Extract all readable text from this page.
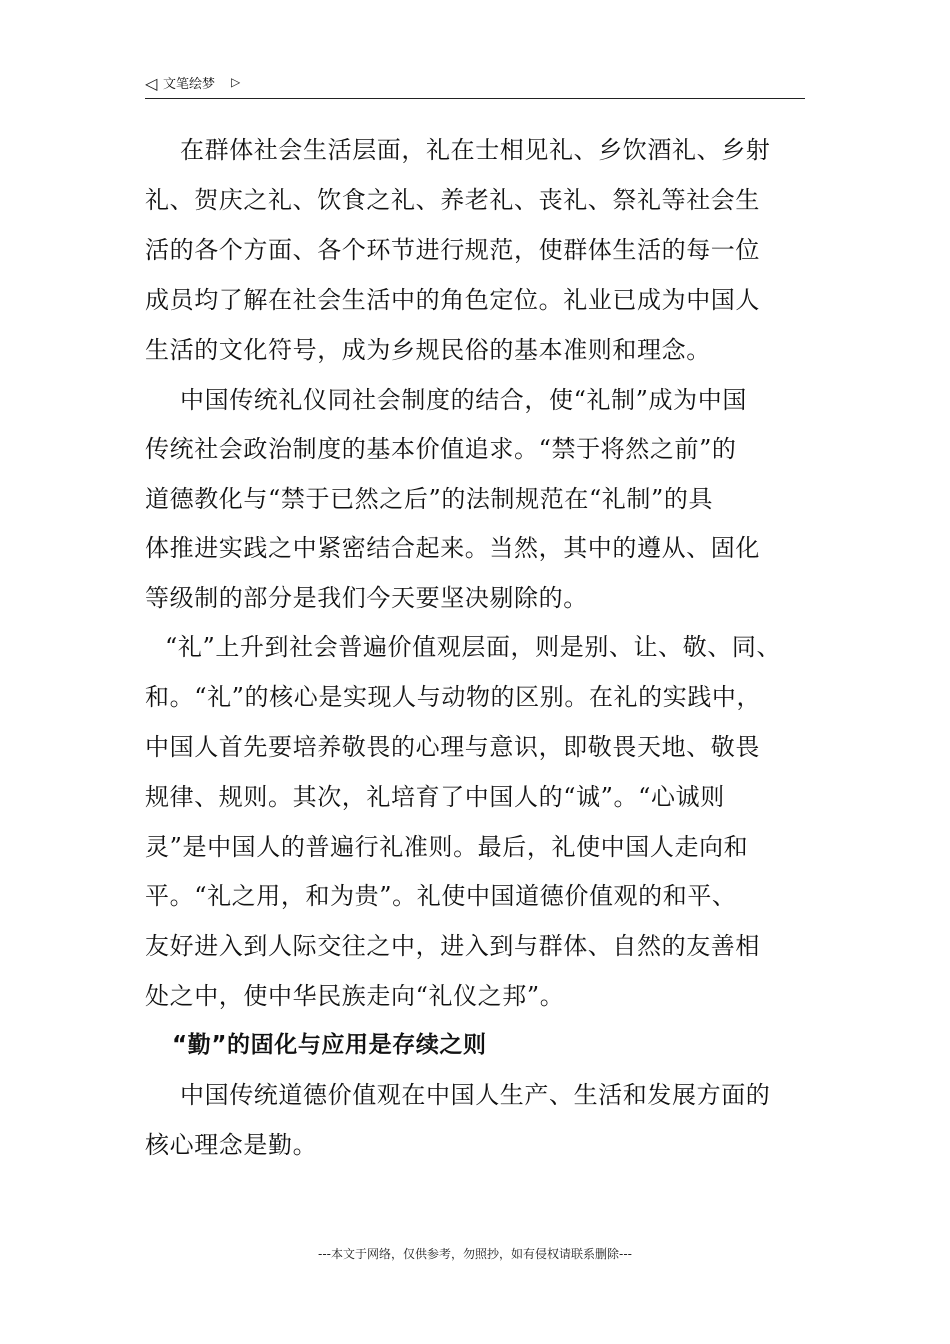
◁ 文笔绘梦 ▷
在群体社会生活层面，礼在士相见礼、乡饮酒礼、乡射
礼、贺庆之礼、饮食之礼、养老礼、丧礼、祭礼等社会生
活的各个方面、各个环节进行规范，使群体生活的每一位
成员均了解在社会生活中的角色定位。礼业已成为中国人
生活的文化符号，成为乡规民俗的基本准则和理念。
中国传统礼仪同社会制度的结合，使“礼制”成为中国
传统社会政治制度的基本价值追求。“禁于将然之前”的
道德教化与“禁于已然之后”的法制规范在“礼制”的具
体推进实践之中紧密结合起来。当然，其中的遵从、固化
等级制的部分是我们今天要坚决剔除的。
“礼”上升到社会普遍价值观层面，则是别、让、敬、同、
和。“礼”的核心是实现人与动物的区别。在礼的实践中，
中国人首先要培养敬畏的心理与意识，即敬畏天地、敬畏
规律、规则。其次，礼培育了中国人的“诚”。“心诚则
灵”是中国人的普遍行礼准则。最后，礼使中国人走向和
平。“礼之用，和为贵”。礼使中国道德价值观的和平、
友好进入到人际交往之中，进入到与群体、自然的友善相
处之中，使中华民族走向“礼仪之邦”。
“勤”的固化与应用是存续之则
中国传统道德价值观在中国人生产、生活和发展方面的
核心理念是勤。
---本文于网络，仅供参考，勿照抄，如有侵权请联系删除---
